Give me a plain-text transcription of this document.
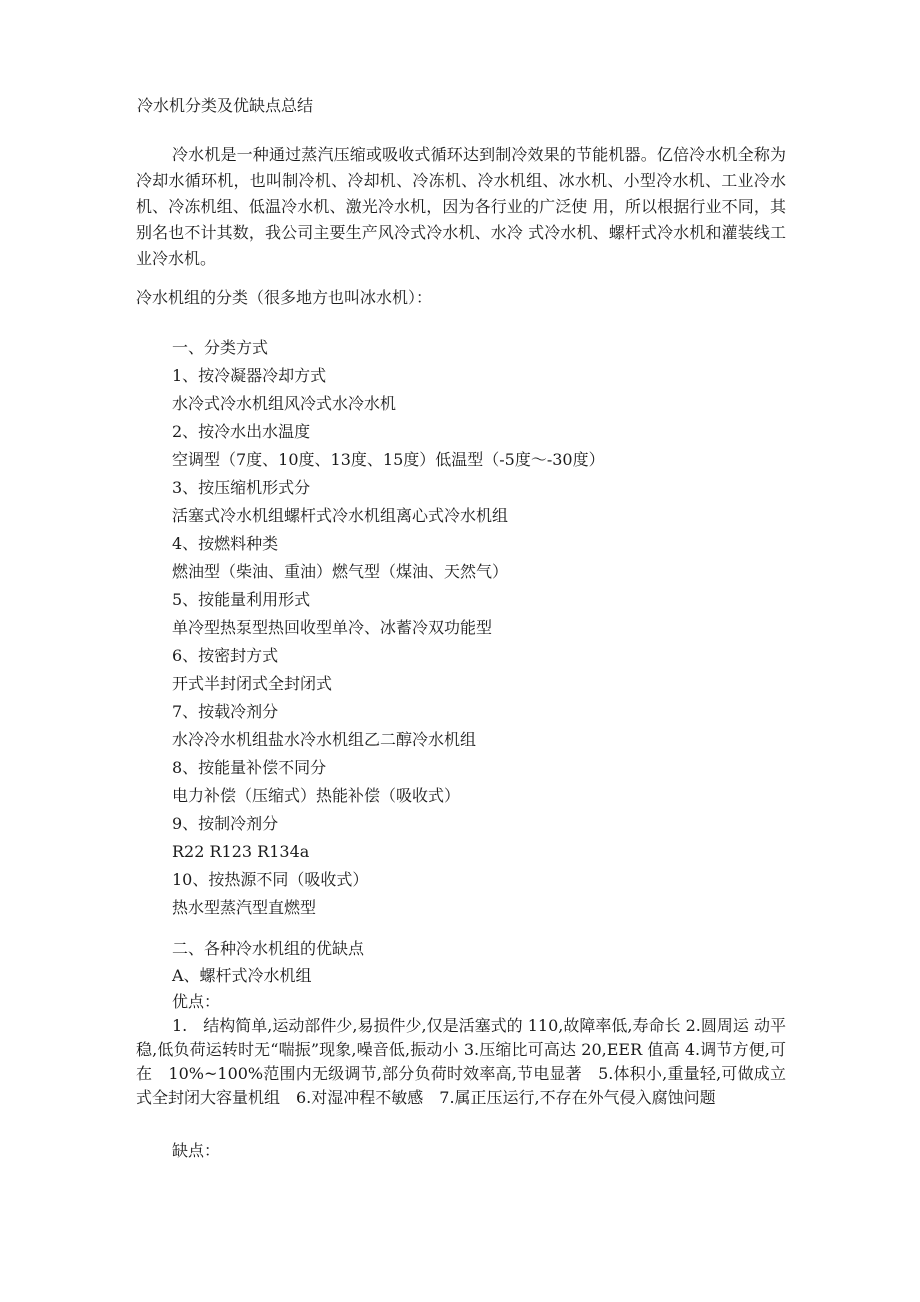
冷水机分类及优缺点总结

冷水机是一种通过蒸汽压缩或吸收式循环达到制冷效果的节能机器。亿倍冷水机全称为冷却水循环机，也叫制冷机、冷却机、冷冻机、冷水机组、冰水机、小型冷水机、工业冷水机、冷冻机组、低温冷水机、激光冷水机，因为各行业的广泛使 用，所以根据行业不同，其别名也不计其数，我公司主要生产风冷式冷水机、水冷 式冷水机、螺杆式冷水机和灌装线工业冷水机。

冷水机组的分类（很多地方也叫冰水机）：

一、分类方式
1、按冷凝器冷却方式
水冷式冷水机组风冷式水冷水机
2、按冷水出水温度
空调型（7度、10度、13度、15度）低温型（-5度〜-30度）
3、按压缩机形式分
活塞式冷水机组螺杆式冷水机组离心式冷水机组
4、按燃料种类
燃油型（柴油、重油）燃气型（煤油、天然气）
5、按能量利用形式
单冷型热泵型热回收型单冷、冰蓄冷双功能型
6、按密封方式
开式半封闭式全封闭式
7、按载冷剂分
水冷冷水机组盐水冷水机组乙二醇冷水机组
8、按能量补偿不同分
电力补偿（压缩式）热能补偿（吸收式）
9、按制冷剂分
R22 R123 R134a
10、按热源不同（吸收式）
热水型蒸汽型直燃型

二、各种冷水机组的优缺点

A、螺杆式冷水机组

优点：

1.　结构简单,运动部件少,易损件少,仅是活塞式的 110,故障率低,寿命长 2.圆周运 动平稳,低负荷运转时无“喘振”现象,噪音低,振动小 3.压缩比可高达 20,EER 值高 4.调节方便,可在　10%~100%范围内无级调节,部分负荷时效率高,节电显著　5.体积小,重量轻,可做成立式全封闭大容量机组　6.对湿冲程不敏感　7.属正压运行,不存在外气侵入腐蚀问题

缺点：
